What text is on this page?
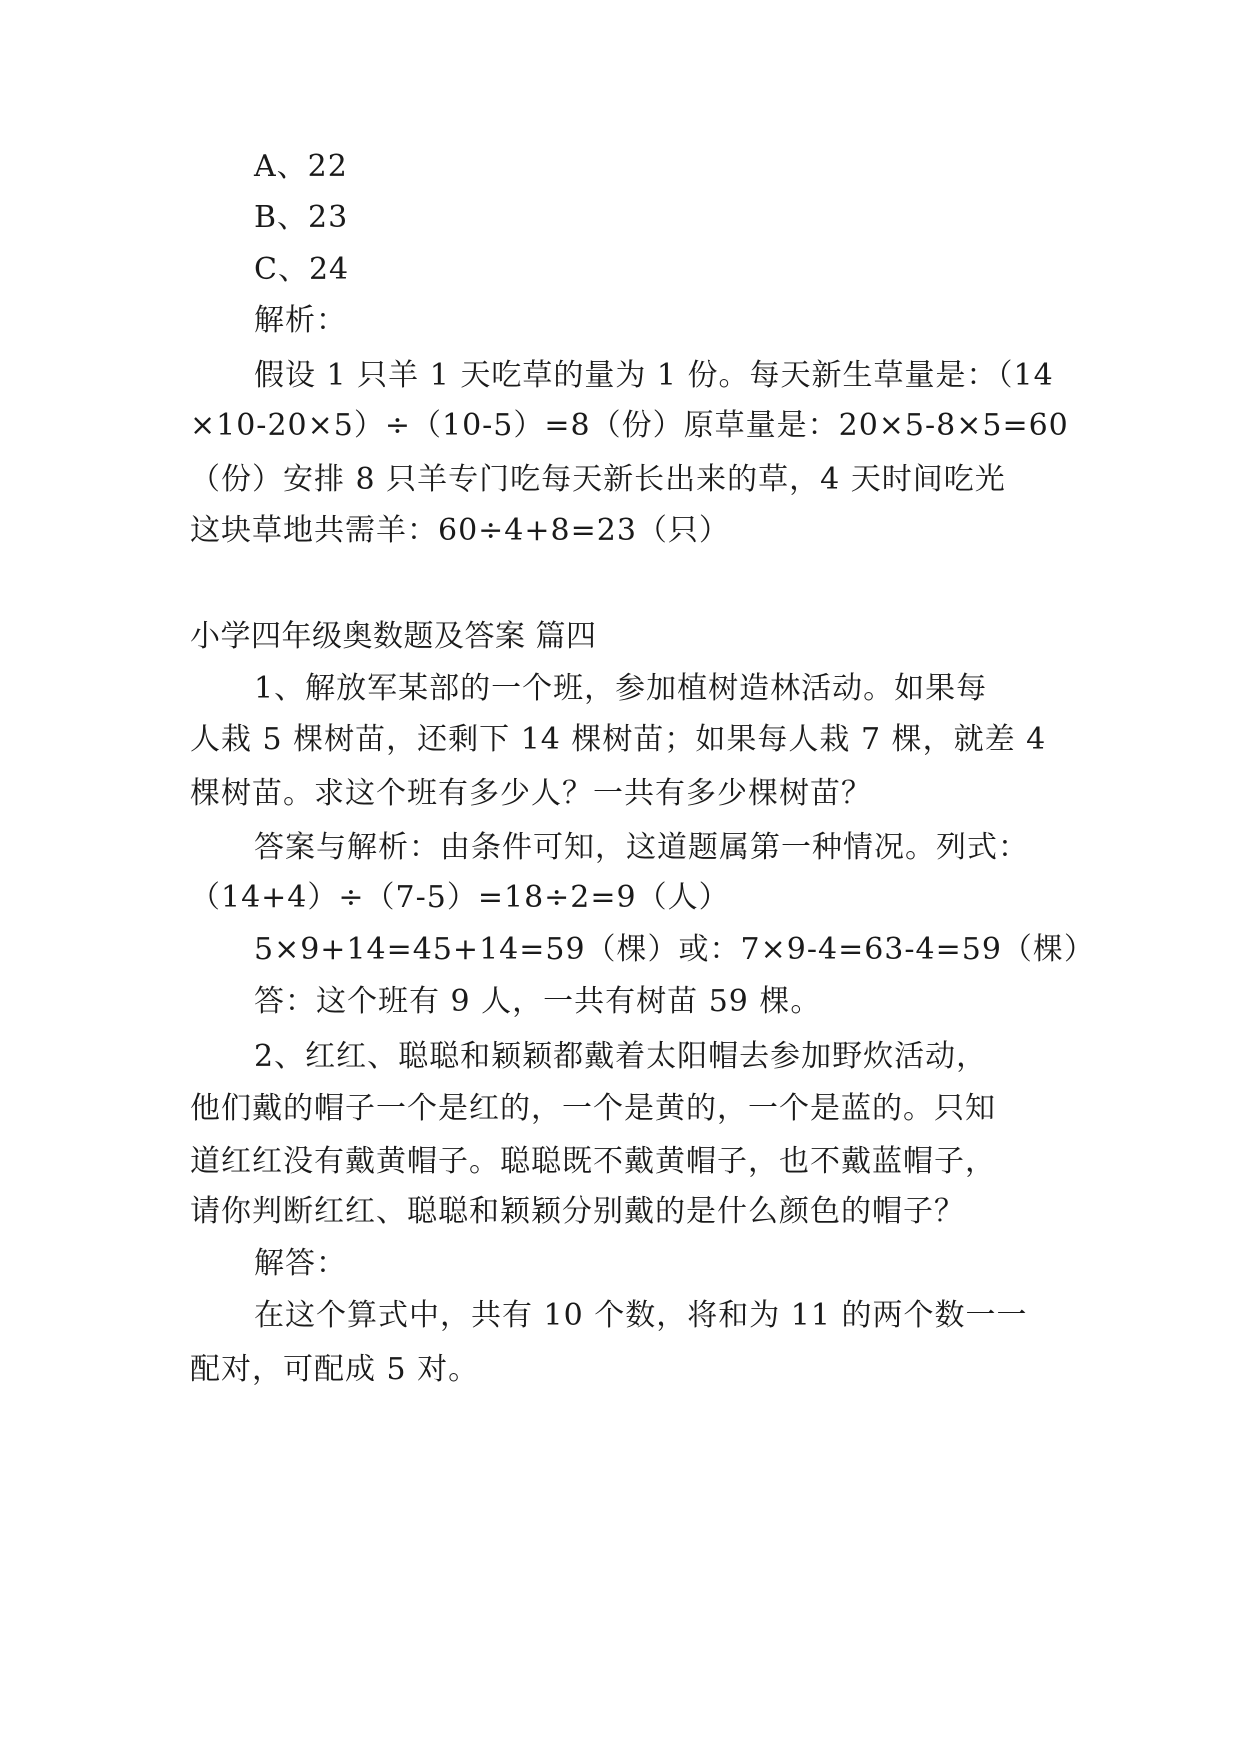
A、22
B、23
C、24
解析：
假设 1 只羊 1 天吃草的量为 1 份。每天新生草量是：（14
×10-20×5）÷（10-5）=8（份）原草量是：20×5-8×5=60
（份）安排 8 只羊专门吃每天新长出来的草，4 天时间吃光
这块草地共需羊：60÷4+8=23（只）
小学四年级奥数题及答案 篇四
1、解放军某部的一个班，参加植树造林活动。如果每
人栽 5 棵树苗，还剩下 14 棵树苗；如果每人栽 7 棵，就差 4
棵树苗。求这个班有多少人？一共有多少棵树苗？
答案与解析：由条件可知，这道题属第一种情况。列式：
（14+4）÷（7-5）=18÷2=9（人）
5×9+14=45+14=59（棵）或：7×9-4=63-4=59（棵）
答：这个班有 9 人，一共有树苗 59 棵。
2、红红、聪聪和颖颖都戴着太阳帽去参加野炊活动，
他们戴的帽子一个是红的，一个是黄的，一个是蓝的。只知
道红红没有戴黄帽子。聪聪既不戴黄帽子，也不戴蓝帽子，
请你判断红红、聪聪和颖颖分别戴的是什么颜色的帽子？
解答：
在这个算式中，共有 10 个数，将和为 11 的两个数一一
配对，可配成 5 对。
